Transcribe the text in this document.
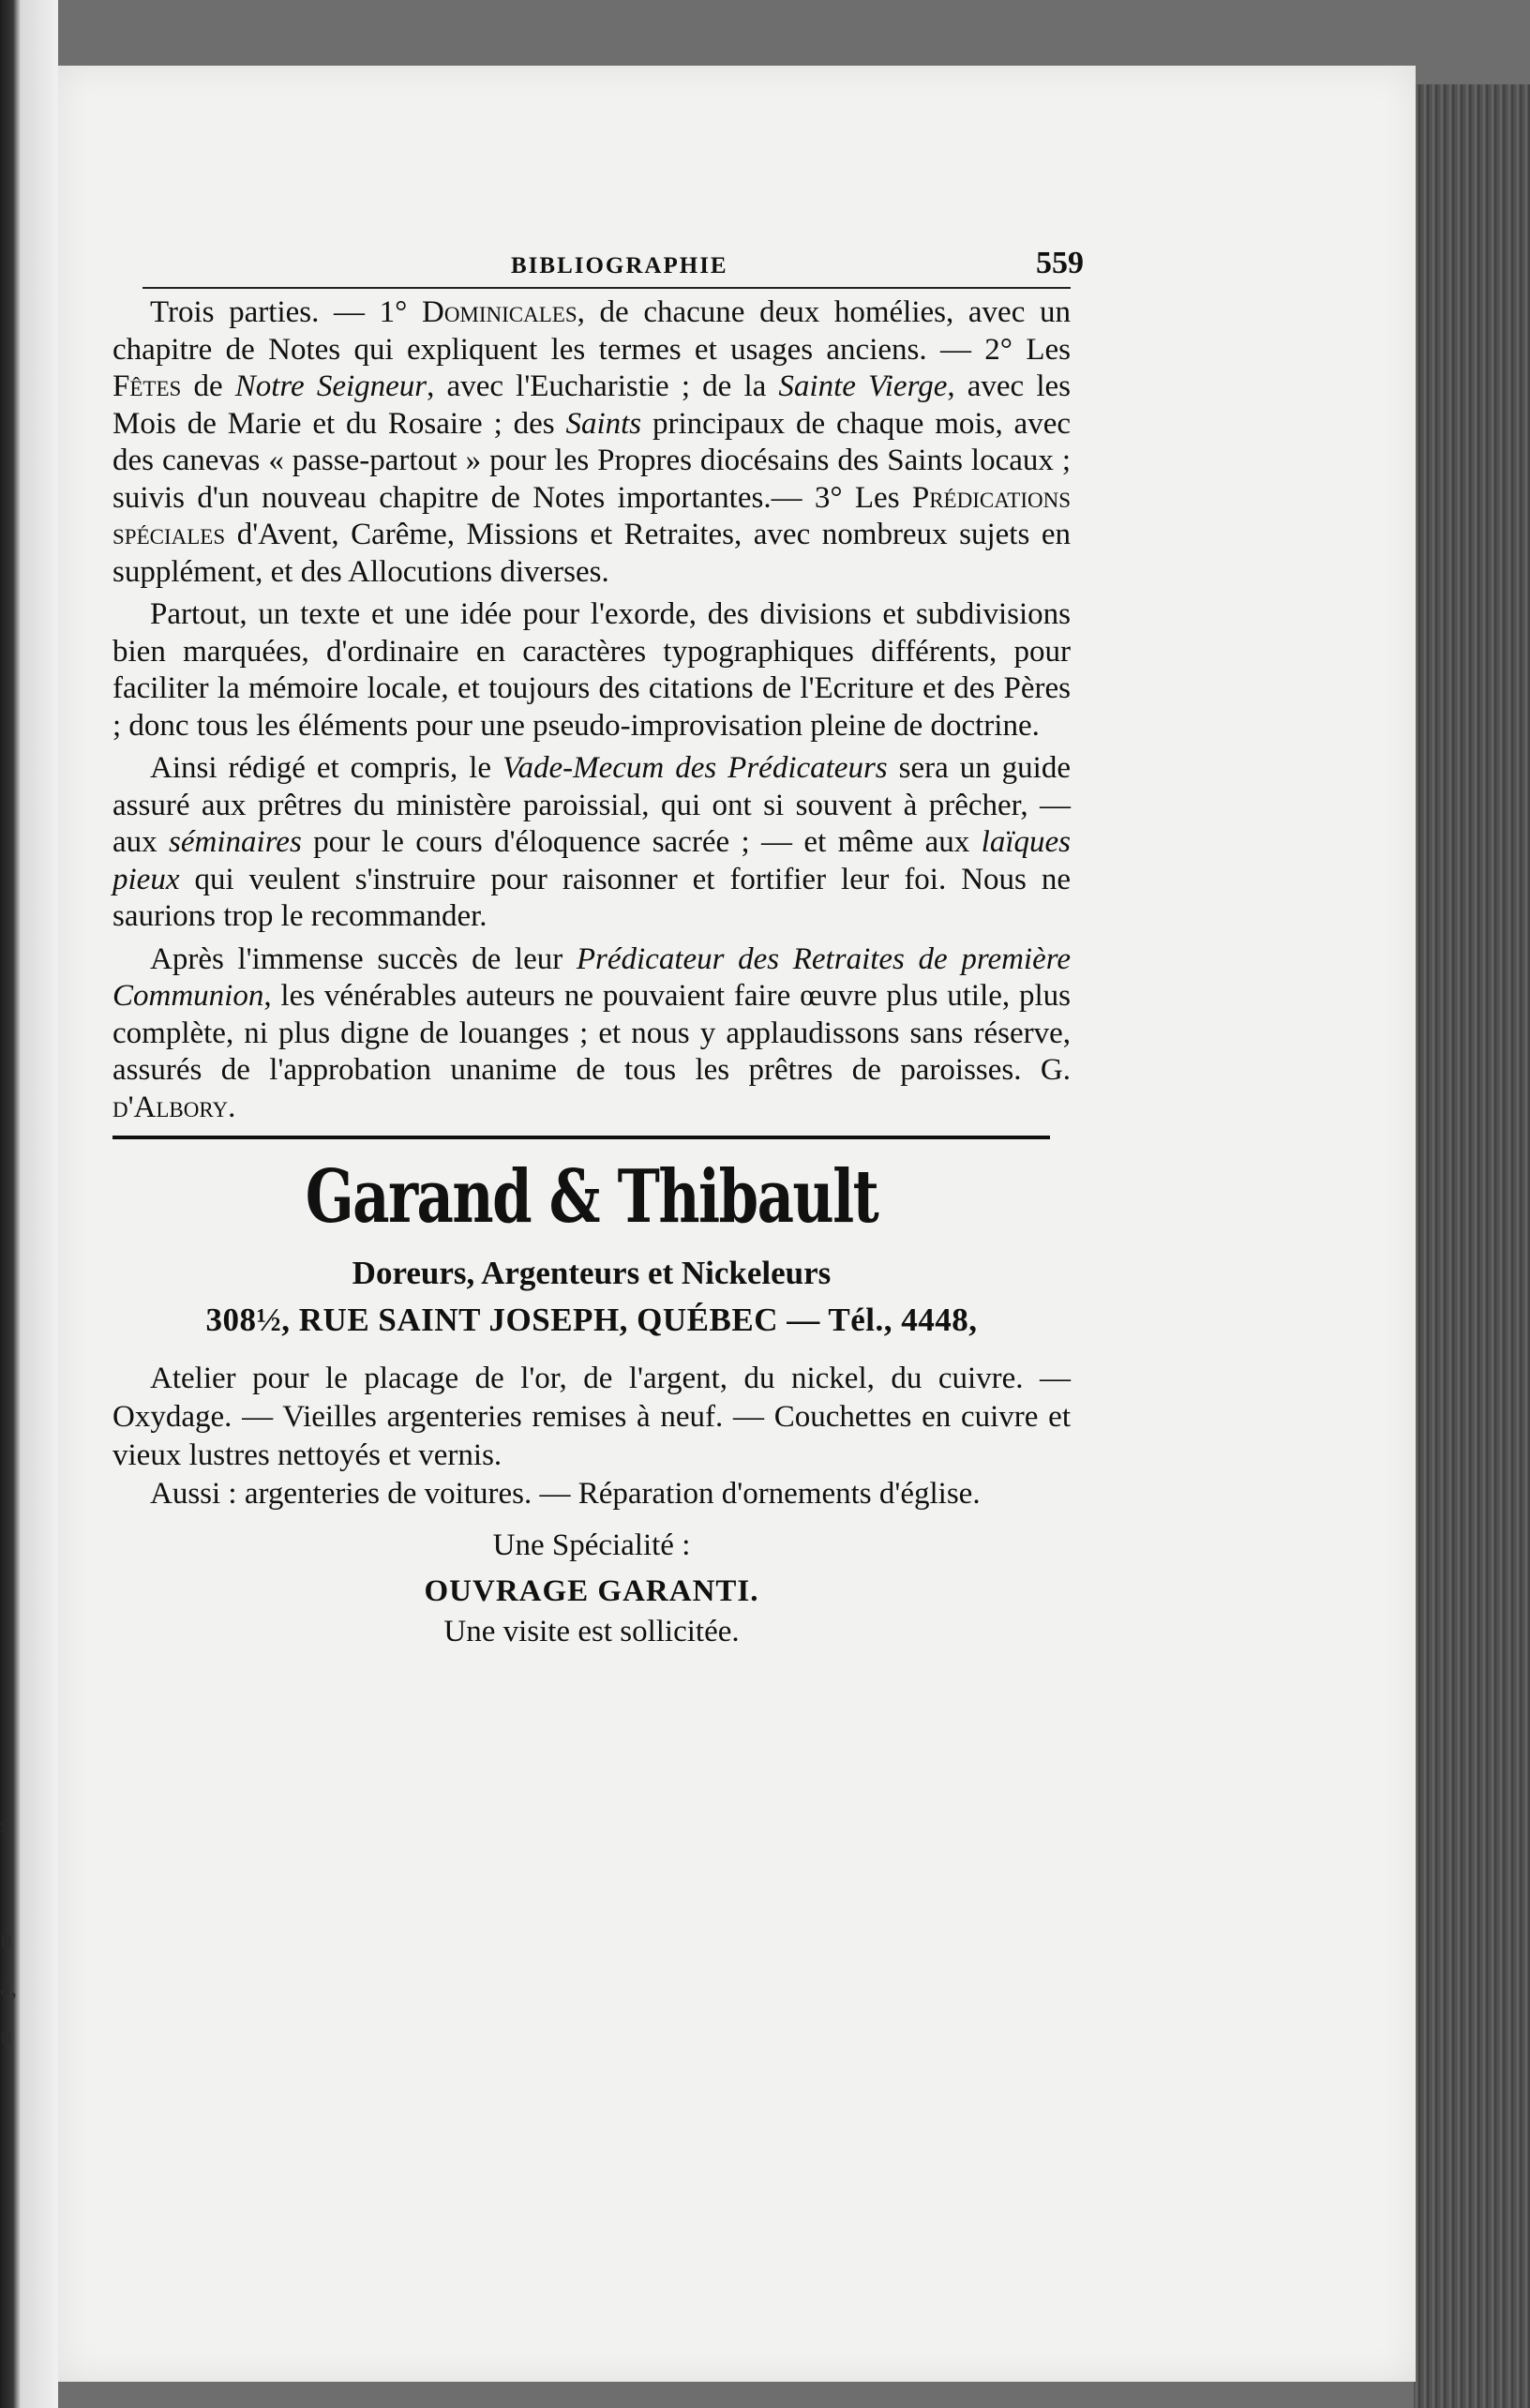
s
n
à,
u
BIBLIOGRAPHIE	559

Trois parties. — 1° Dominicales, de chacune deux homélies, avec un chapitre de Notes qui expliquent les termes et usages anciens. — 2° Les Fêtes de Notre Seigneur, avec l'Eucharistie ; de la Sainte Vierge, avec les Mois de Marie et du Rosaire ; des Saints principaux de chaque mois, avec des canevas « passe-partout » pour les Propres diocésains des Saints locaux ; suivis d'un nouveau chapitre de Notes importantes.— 3° Les Prédications spéciales d'Avent, Carême, Missions et Retraites, avec nombreux sujets en supplément, et des Allocutions diverses.

Partout, un texte et une idée pour l'exorde, des divisions et subdivisions bien marquées, d'ordinaire en caractères typographiques différents, pour faciliter la mémoire locale, et toujours des citations de l'Ecriture et des Pères ; donc tous les éléments pour une pseudo-improvisation pleine de doctrine.

Ainsi rédigé et compris, le Vade-Mecum des Prédicateurs sera un guide assuré aux prêtres du ministère paroissial, qui ont si souvent à prêcher, — aux séminaires pour le cours d'éloquence sacrée ; — et même aux laïques pieux qui veulent s'instruire pour raisonner et fortifier leur foi. Nous ne saurions trop le recommander.

Après l'immense succès de leur Prédicateur des Retraites de première Communion, les vénérables auteurs ne pouvaient faire œuvre plus utile, plus complète, ni plus digne de louanges ; et nous y applaudissons sans réserve, assurés de l'approbation unanime de tous les prêtres de paroisses. G. d'Albory.

Garand & Thibault
Doreurs, Argenteurs et Nickeleurs
308½, RUE SAINT JOSEPH, QUÉBEC — Tél., 4448,

Atelier pour le placage de l'or, de l'argent, du nickel, du cuivre. — Oxydage. — Vieilles argenteries remises à neuf. — Couchettes en cuivre et vieux lustres nettoyés et vernis.

Aussi : argenteries de voitures. — Réparation d'ornements d'église.

Une Spécialité :
OUVRAGE GARANTI.
Une visite est sollicitée.
